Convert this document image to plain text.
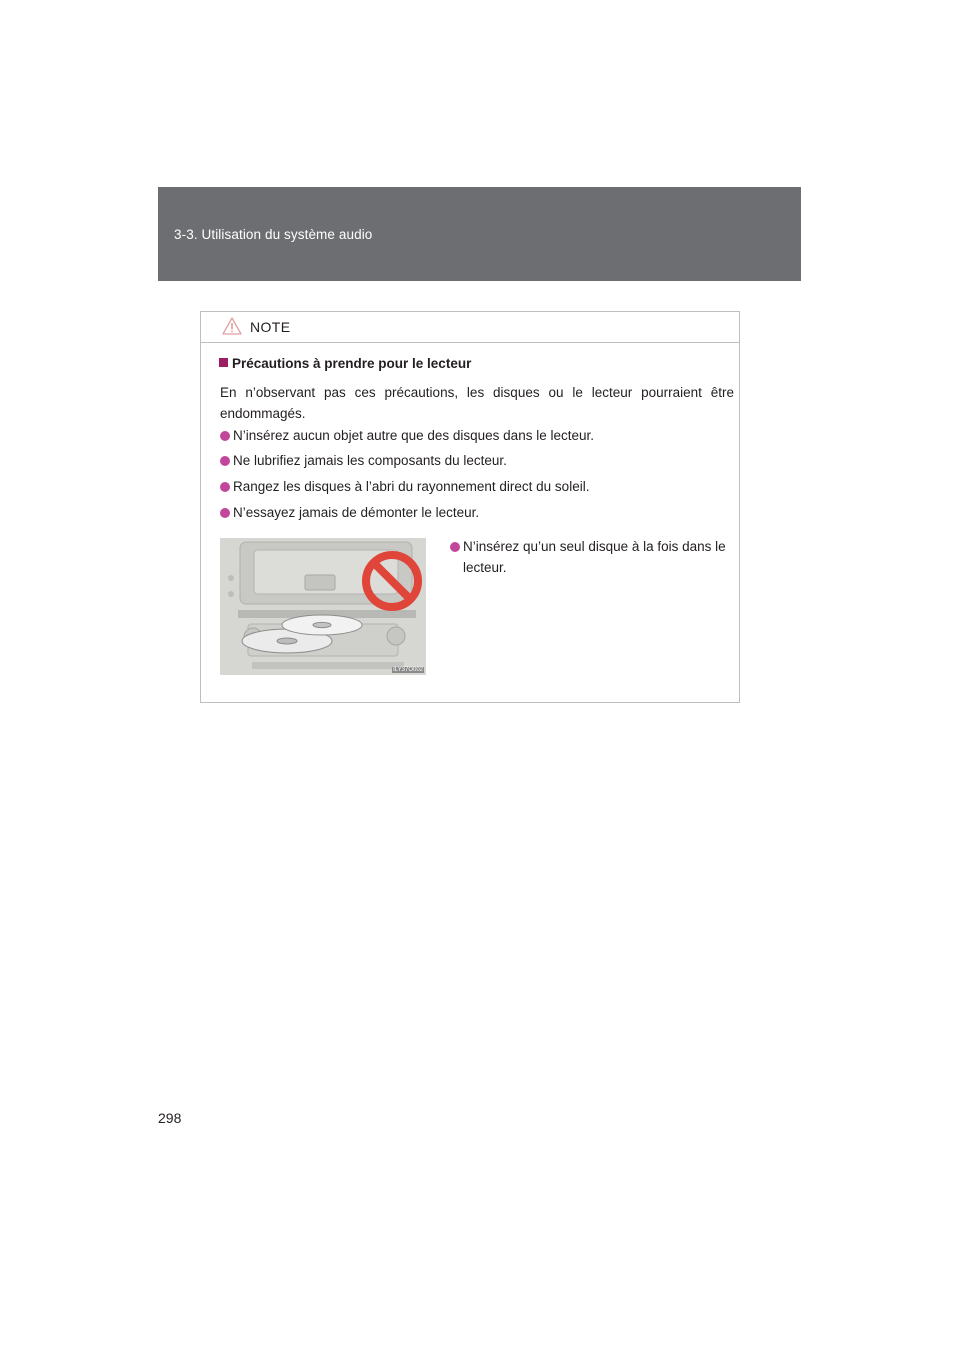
3-3. Utilisation du système audio
NOTE
Précautions à prendre pour le lecteur
En n’observant pas ces précautions, les disques ou le lecteur pourraient être endommagés.
N’insérez aucun objet autre que des disques dans le lecteur.
Ne lubrifiez jamais les composants du lecteur.
Rangez les disques à l’abri du rayonnement direct du soleil.
N’essayez jamais de démonter le lecteur.
ILY37O002
N’insérez qu’un seul disque à la fois dans le lecteur.
298
